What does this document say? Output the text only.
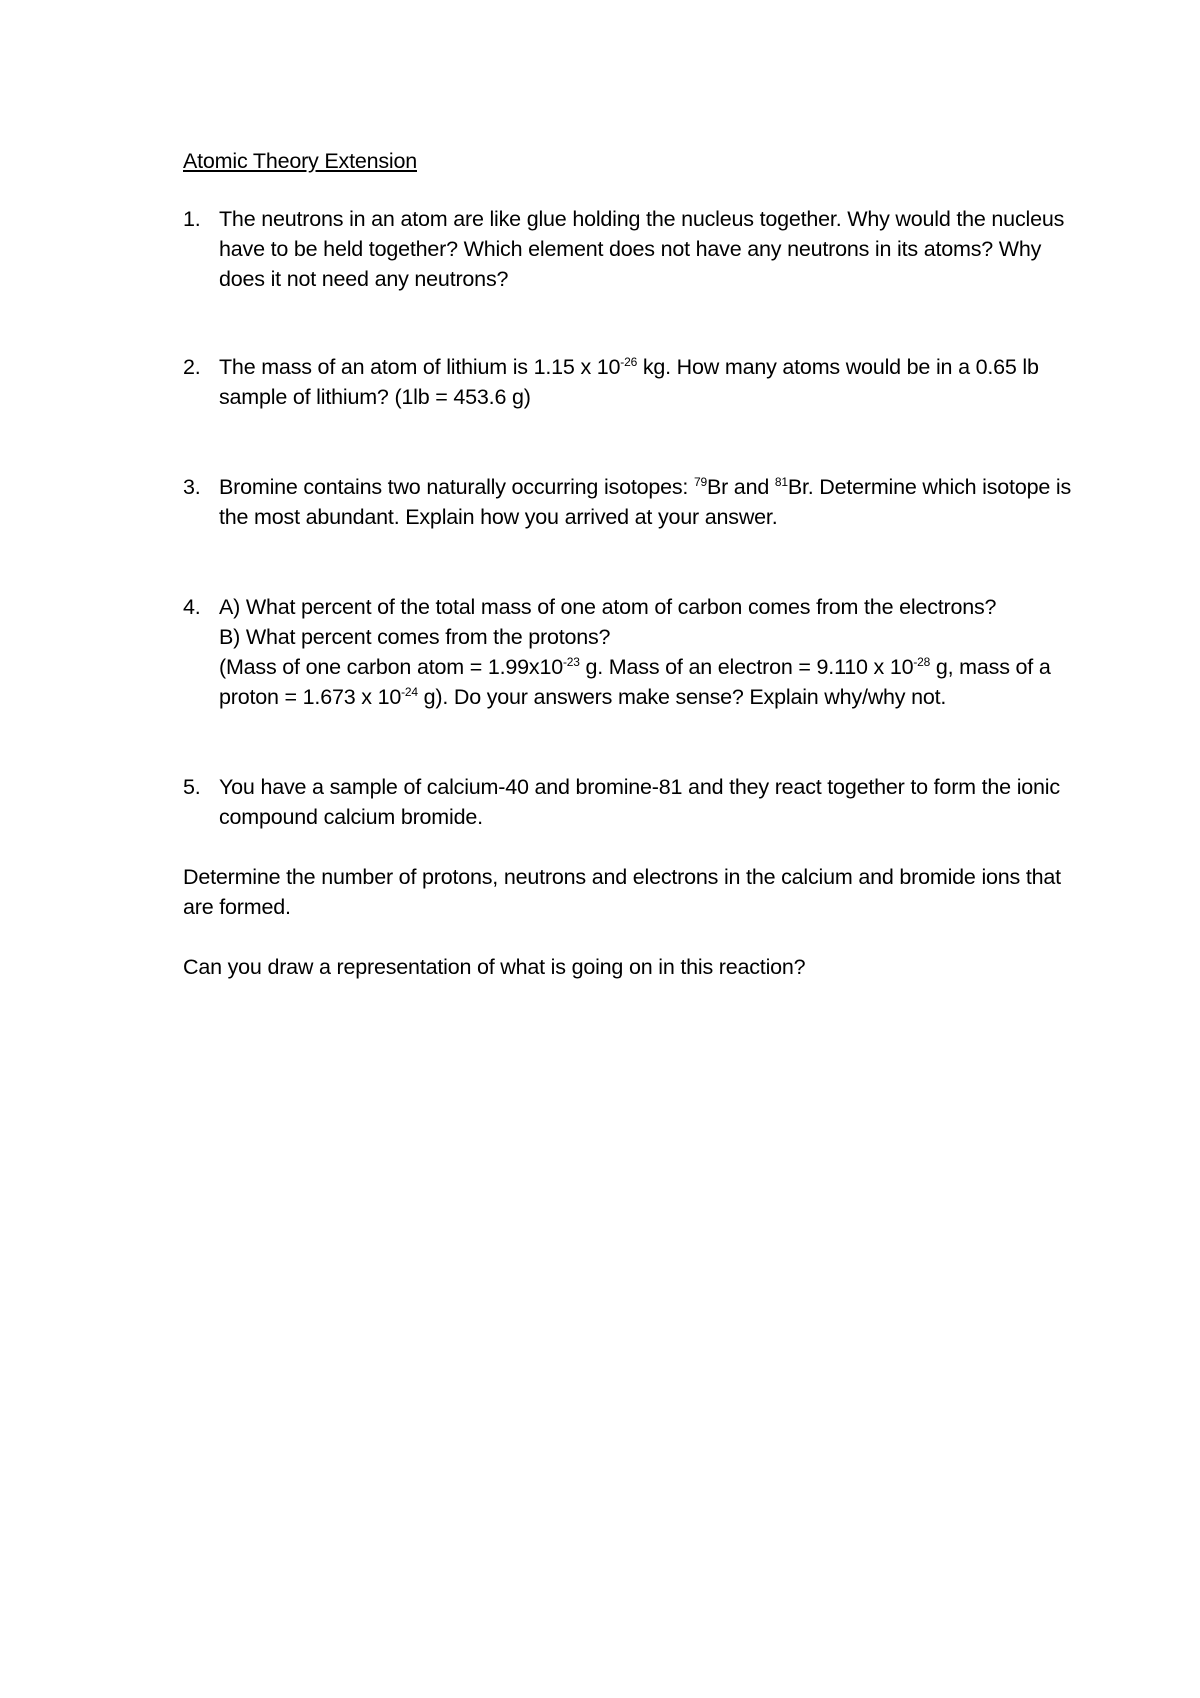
Atomic Theory Extension
1. The neutrons in an atom are like glue holding the nucleus together. Why would the nucleus have to be held together? Which element does not have any neutrons in its atoms? Why does it not need any neutrons?
2. The mass of an atom of lithium is 1.15 x $10^{-26}$ kg. How many atoms would be in a 0.65 lb sample of lithium? (1lb = 453.6 g)
3. Bromine contains two naturally occurring isotopes: $^{79}$Br and $^{81}$Br. Determine which isotope is the most abundant. Explain how you arrived at your answer.
4. A) What percent of the total mass of one atom of carbon comes from the electrons?
B) What percent comes from the protons?
(Mass of one carbon atom = $1.99x10^{-23}$ g. Mass of an electron = 9.110 x $10^{-28}$ g, mass of a proton = 1.673 x $10^{-24}$ g). Do your answers make sense? Explain why/why not.
5. You have a sample of calcium-40 and bromine-81 and they react together to form the ionic compound calcium bromide.
Determine the number of protons, neutrons and electrons in the calcium and bromide ions that are formed.
Can you draw a representation of what is going on in this reaction?
